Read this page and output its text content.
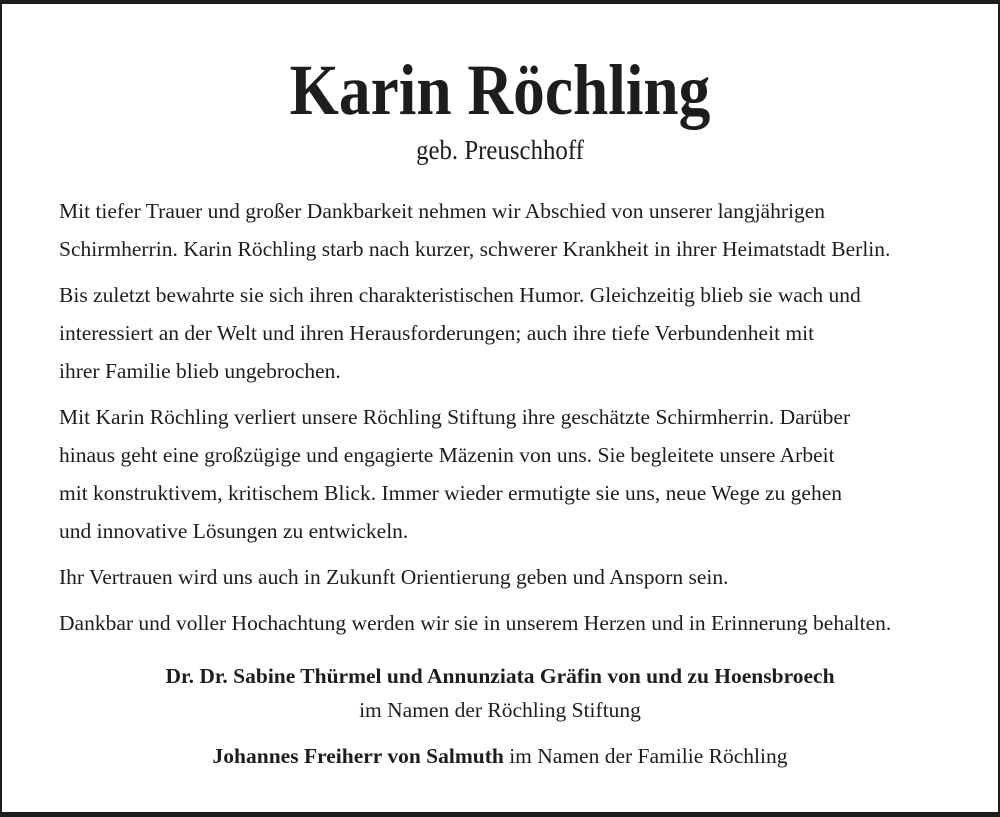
Karin Röchling
geb. Preuschhoff
Mit tiefer Trauer und großer Dankbarkeit nehmen wir Abschied von unserer langjährigen
Schirmherrin. Karin Röchling starb nach kurzer, schwerer Krankheit in ihrer Heimatstadt Berlin.
Bis zuletzt bewahrte sie sich ihren charakteristischen Humor. Gleichzeitig blieb sie wach und
interessiert an der Welt und ihren Herausforderungen; auch ihre tiefe Verbundenheit mit
ihrer Familie blieb ungebrochen.
Mit Karin Röchling verliert unsere Röchling Stiftung ihre geschätzte Schirmherrin. Darüber
hinaus geht eine großzügige und engagierte Mäzenin von uns. Sie begleitete unsere Arbeit
mit konstruktivem, kritischem Blick. Immer wieder ermutigte sie uns, neue Wege zu gehen
und innovative Lösungen zu entwickeln.
Ihr Vertrauen wird uns auch in Zukunft Orientierung geben und Ansporn sein.
Dankbar und voller Hochachtung werden wir sie in unserem Herzen und in Erinnerung behalten.
Dr. Dr. Sabine Thürmel und Annunziata Gräfin von und zu Hoensbroech
im Namen der Röchling Stiftung
Johannes Freiherr von Salmuth im Namen der Familie Röchling
